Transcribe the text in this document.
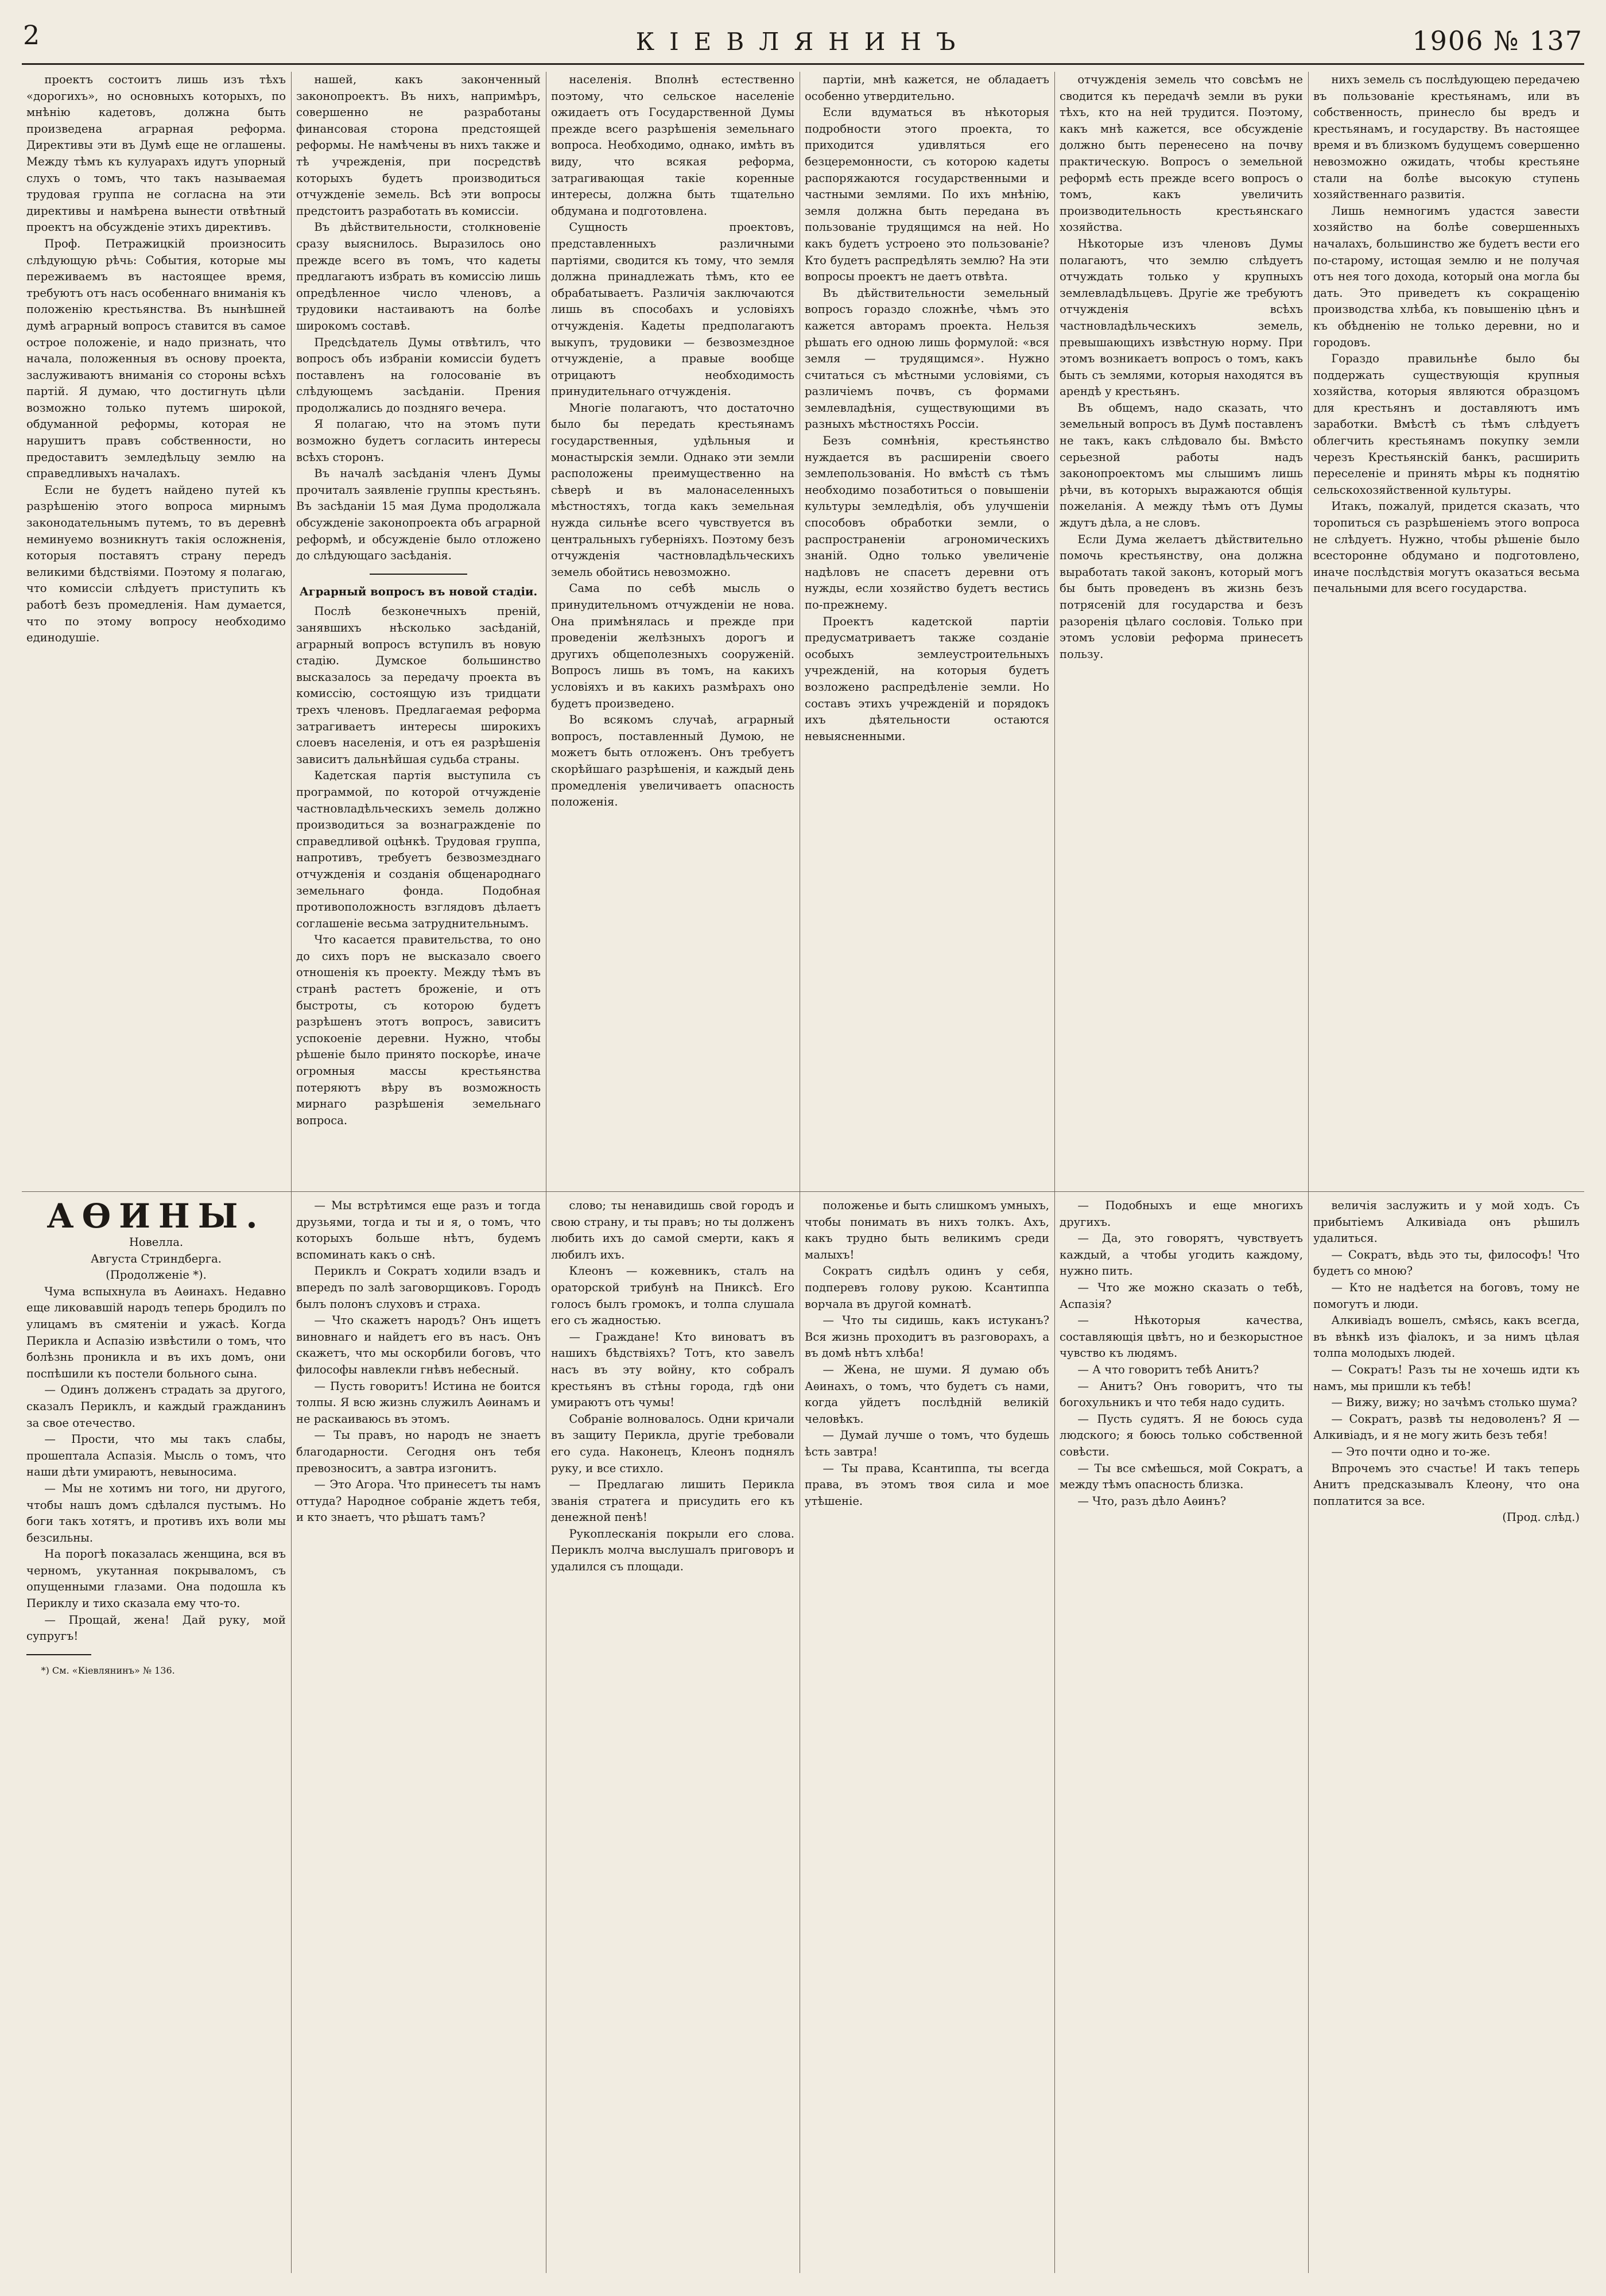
2	КІЕВЛЯНИНЪ	1906 № 137

проектъ состоитъ лишь изъ тѣхъ «дорогихъ», но основныхъ которыхъ, по мнѣнію кадетовъ, должна быть произведена аграрная реформа. Директивы эти въ Думѣ еще не оглашены. Между тѣмъ къ кулуарахъ идутъ упорный слухъ о томъ, что такъ называемая трудовая группа не согласна на эти директивы и намѣрена вынести отвѣтный проектъ на обсужденіе этихъ директивъ.

Проф. Петражицкій произносить слѣдующую рѣчь: События, которые мы переживаемъ въ настоящее время, требуютъ отъ насъ особеннаго вниманія къ положенію крестьянства. Въ нынѣшней думѣ аграрный вопросъ ставится въ самое острое положеніе, и надо признать, что начала, положенныя въ основу проекта, заслуживаютъ вниманія со стороны всѣхъ партій. Я думаю, что достигнуть цѣли возможно только путемъ широкой, обдуманной реформы, которая не нарушитъ правъ собственности, но предоставитъ земледѣльцу землю на справедливыхъ началахъ.

Если не будетъ найдено путей къ разрѣшенію этого вопроса мирнымъ законодательнымъ путемъ, то въ деревнѣ неминуемо возникнутъ такія осложненія, которыя поставятъ страну передъ великими бѣдствіями. Поэтому я полагаю, что комиссіи слѣдуетъ приступить къ работѣ безъ промедленія. Нам думается, что по этому вопросу необходимо единодушіе.

нашей, какъ законченный законопроектъ. Въ нихъ, напримѣръ, совершенно не разработаны финансовая сторона предстоящей реформы. Не намѣчены въ нихъ также и тѣ учрежденія, при посредствѣ которыхъ будетъ производиться отчужденіе земель. Всѣ эти вопросы предстоитъ разработать въ комиссіи.

Въ дѣйствительности, столкновеніе сразу выяснилось. Выразилось оно прежде всего въ томъ, что кадеты предлагаютъ избрать въ комиссію лишь опредѣленное число членовъ, а трудовики настаиваютъ на болѣе широкомъ составѣ.

Предсѣдатель Думы отвѣтилъ, что вопросъ объ избраніи комиссіи будетъ поставленъ на голосованіе въ слѣдующемъ засѣданіи. Прения продолжались до поздняго вечера.

Я полагаю, что на этомъ пути возможно будетъ согласить интересы всѣхъ сторонъ.

Въ началѣ засѣданія членъ Думы прочиталъ заявленіе группы крестьянъ. Въ засѣданіи 15 мая Дума продолжала обсужденіе законопроекта объ аграрной реформѣ, и обсужденіе было отложено до слѣдующаго засѣданія.

Аграрный вопросъ въ новой стадіи.

Послѣ безконечныхъ преній, занявшихъ нѣсколько засѣданій, аграрный вопросъ вступилъ въ новую стадію. Думское большинство высказалось за передачу проекта въ комиссію, состоящую изъ тридцати трехъ членовъ. Предлагаемая реформа затрагиваетъ интересы широкихъ слоевъ населенія, и отъ ея разрѣшенія зависитъ дальнѣйшая судьба страны.

Кадетская партія выступила съ программой, по которой отчужденіе частновладѣльческихъ земель должно производиться за вознагражденіе по справедливой оцѣнкѣ. Трудовая группа, напротивъ, требуетъ безвозмезднаго отчужденія и созданія общенароднаго земельнаго фонда. Подобная противоположность взглядовъ дѣлаетъ соглашеніе весьма затруднительнымъ.

Что касается правительства, то оно до сихъ поръ не высказало своего отношенія къ проекту. Между тѣмъ въ странѣ растетъ броженіе, и отъ быстроты, съ которою будетъ разрѣшенъ этотъ вопросъ, зависитъ успокоеніе деревни. Нужно, чтобы рѣшеніе было принято поскорѣе, иначе огромныя массы крестьянства потеряютъ вѣру въ возможность мирнаго разрѣшенія земельнаго вопроса.

населенія. Вполнѣ естественно поэтому, что сельское населеніе ожидаетъ отъ Государственной Думы прежде всего разрѣшенія земельнаго вопроса. Необходимо, однако, имѣть въ виду, что всякая реформа, затрагивающая такіе коренные интересы, должна быть тщательно обдумана и подготовлена.

Сущность проектовъ, представленныхъ различными партіями, сводится къ тому, что земля должна принадлежать тѣмъ, кто ее обрабатываетъ. Различія заключаются лишь въ способахъ и условіяхъ отчужденія. Кадеты предполагаютъ выкупъ, трудовики — безвозмездное отчужденіе, а правые вообще отрицаютъ необходимость принудительнаго отчужденія.

Многіе полагаютъ, что достаточно было бы передать крестьянамъ государственныя, удѣльныя и монастырскія земли. Однако эти земли расположены преимущественно на сѣверѣ и въ малонаселенныхъ мѣстностяхъ, тогда какъ земельная нужда сильнѣе всего чувствуется въ центральныхъ губерніяхъ. Поэтому безъ отчужденія частновладѣльческихъ земель обойтись невозможно.

Сама по себѣ мысль о принудительномъ отчужденіи не нова. Она примѣнялась и прежде при проведеніи желѣзныхъ дорогъ и другихъ общеполезныхъ сооруженій. Вопросъ лишь въ томъ, на какихъ условіяхъ и въ какихъ размѣрахъ оно будетъ произведено.

Во всякомъ случаѣ, аграрный вопросъ, поставленный Думою, не можетъ быть отложенъ. Онъ требуетъ скорѣйшаго разрѣшенія, и каждый день промедленія увеличиваетъ опасность положенія.

партіи, мнѣ кажется, не обладаетъ особенно утвердительно.

Если вдуматься въ нѣкоторыя подробности этого проекта, то приходится удивляться его безцеремонности, съ которою кадеты распоряжаются государственными и частными землями. По ихъ мнѣнію, земля должна быть передана въ пользованіе трудящимся на ней. Но какъ будетъ устроено это пользованіе? Кто будетъ распредѣлять землю? На эти вопросы проектъ не даетъ отвѣта.

Въ дѣйствительности земельный вопросъ гораздо сложнѣе, чѣмъ это кажется авторамъ проекта. Нельзя рѣшать его одною лишь формулой: «вся земля — трудящимся». Нужно считаться съ мѣстными условіями, съ различіемъ почвъ, съ формами землевладѣнія, существующими въ разныхъ мѣстностяхъ Россіи.

Безъ сомнѣнія, крестьянство нуждается въ расширеніи своего землепользованія. Но вмѣстѣ съ тѣмъ необходимо позаботиться о повышеніи культуры земледѣлія, объ улучшеніи способовъ обработки земли, о распространеніи агрономическихъ знаній. Одно только увеличеніе надѣловъ не спасетъ деревни отъ нужды, если хозяйство будетъ вестись по-прежнему.

Проектъ кадетской партіи предусматриваетъ также созданіе особыхъ землеустроительныхъ учрежденій, на которыя будетъ возложено распредѣленіе земли. Но составъ этихъ учрежденій и порядокъ ихъ дѣятельности остаются невыясненными.

отчужденія земель что совсѣмъ не сводится къ передачѣ земли въ руки тѣхъ, кто на ней трудится. Поэтому, какъ мнѣ кажется, все обсужденіе должно быть перенесено на почву практическую. Вопросъ о земельной реформѣ есть прежде всего вопросъ о томъ, какъ увеличить производительность крестьянскаго хозяйства.

Нѣкоторые изъ членовъ Думы полагаютъ, что землю слѣдуетъ отчуждать только у крупныхъ землевладѣльцевъ. Другіе же требуютъ отчужденія всѣхъ частновладѣльческихъ земель, превышающихъ извѣстную норму. При этомъ возникаетъ вопросъ о томъ, какъ быть съ землями, которыя находятся въ арендѣ у крестьянъ.

Въ общемъ, надо сказать, что земельный вопросъ въ Думѣ поставленъ не такъ, какъ слѣдовало бы. Вмѣсто серьезной работы надъ законопроектомъ мы слышимъ лишь рѣчи, въ которыхъ выражаются общія пожеланія. А между тѣмъ отъ Думы ждутъ дѣла, а не словъ.

Если Дума желаетъ дѣйствительно помочь крестьянству, она должна выработать такой законъ, который могъ бы быть проведенъ въ жизнь безъ потрясеній для государства и безъ разоренія цѣлаго сословія. Только при этомъ условіи реформа принесетъ пользу.

нихъ земель съ послѣдующею передачею въ пользованіе крестьянамъ, или въ собственность, принесло бы вредъ и крестьянамъ, и государству. Въ настоящее время и въ близкомъ будущемъ совершенно невозможно ожидать, чтобы крестьяне стали на болѣе высокую ступень хозяйственнаго развитія.

Лишь немногимъ удастся завести хозяйство на болѣе совершенныхъ началахъ, большинство же будетъ вести его по-старому, истощая землю и не получая отъ нея того дохода, который она могла бы дать. Это приведетъ къ сокращенію производства хлѣба, къ повышенію цѣнъ и къ обѣдненію не только деревни, но и городовъ.

Гораздо правильнѣе было бы поддержать существующія крупныя хозяйства, которыя являются образцомъ для крестьянъ и доставляютъ имъ заработки. Вмѣстѣ съ тѣмъ слѣдуетъ облегчить крестьянамъ покупку земли черезъ Крестьянскій банкъ, расширить переселеніе и принять мѣры къ поднятію сельскохозяйственной культуры.

Итакъ, пожалуй, придется сказать, что торопиться съ разрѣшеніемъ этого вопроса не слѣдуетъ. Нужно, чтобы рѣшеніе было всесторонне обдумано и подготовлено, иначе послѣдствія могутъ оказаться весьма печальными для всего государства.

АѲИНЫ.

Новелла.

Августа Стриндберга.

(Продолженіе *).

Чума вспыхнула въ Аѳинахъ. Недавно еще ликовавшій народъ теперь бродилъ по улицамъ въ смятеніи и ужасѣ. Когда Перикла и Аспазію извѣстили о томъ, что болѣзнь проникла и въ ихъ домъ, они поспѣшили къ постели больного сына.

— Одинъ долженъ страдать за другого, сказалъ Периклъ, и каждый гражданинъ за свое отечество.

— Прости, что мы такъ слабы, прошептала Аспазія. Мысль о томъ, что наши дѣти умираютъ, невыносима.

— Мы не хотимъ ни того, ни другого, чтобы нашъ домъ сдѣлался пустымъ. Но боги такъ хотятъ, и противъ ихъ воли мы безсильны.

На порогѣ показалась женщина, вся въ черномъ, укутанная покрываломъ, съ опущенными глазами. Она подошла къ Периклу и тихо сказала ему что-то.

— Прощай, жена! Дай руку, мой супругъ!

*) См. «Кіевлянинъ» № 136.

— Мы встрѣтимся еще разъ и тогда друзьями, тогда и ты и я, о томъ, что которыхъ больше нѣтъ, будемъ вспоминать какъ о снѣ.

Периклъ и Сократъ ходили взадъ и впередъ по залѣ заговорщиковъ. Городъ былъ полонъ слуховъ и страха.

— Что скажетъ народъ? Онъ ищетъ виновнаго и найдетъ его въ насъ. Онъ скажетъ, что мы оскорбили боговъ, что философы навлекли гнѣвъ небесный.

— Пусть говоритъ! Истина не боится толпы. Я всю жизнь служилъ Аѳинамъ и не раскаиваюсь въ этомъ.

— Ты правъ, но народъ не знаетъ благодарности. Сегодня онъ тебя превозноситъ, а завтра изгонитъ.

— Это Агора. Что принесетъ ты намъ оттуда? Народное собраніе ждетъ тебя, и кто знаетъ, что рѣшатъ тамъ?

слово; ты ненавидишь свой городъ и свою страну, и ты правъ; но ты долженъ любить ихъ до самой смерти, какъ я любилъ ихъ.

Клеонъ — кожевникъ, сталъ на ораторской трибунѣ на Пниксѣ. Его голосъ былъ громокъ, и толпа слушала его съ жадностью.

— Граждане! Кто виноватъ въ нашихъ бѣдствіяхъ? Тотъ, кто завелъ насъ въ эту войну, кто собралъ крестьянъ въ стѣны города, гдѣ они умираютъ отъ чумы!

Собраніе волновалось. Одни кричали въ защиту Перикла, другіе требовали его суда. Наконецъ, Клеонъ поднялъ руку, и все стихло.

— Предлагаю лишить Перикла званія стратега и присудить его къ денежной пенѣ!

Рукоплесканія покрыли его слова. Периклъ молча выслушалъ приговоръ и удалился съ площади.

положенье и быть слишкомъ умныхъ, чтобы понимать въ нихъ толкъ. Ахъ, какъ трудно быть великимъ среди малыхъ!

Сократъ сидѣлъ одинъ у себя, подперевъ голову рукою. Ксантиппа ворчала въ другой комнатѣ.

— Что ты сидишь, какъ истуканъ? Вся жизнь проходитъ въ разговорахъ, а въ домѣ нѣтъ хлѣба!

— Жена, не шуми. Я думаю объ Аѳинахъ, о томъ, что будетъ съ нами, когда уйдетъ послѣдній великій человѣкъ.

— Думай лучше о томъ, что будешь ѣсть завтра!

— Ты права, Ксантиппа, ты всегда права, въ этомъ твоя сила и мое утѣшеніе.

— Подобныхъ и еще многихъ другихъ.

— Да, это говорятъ, чувствуетъ каждый, а чтобы угодить каждому, нужно пить.

— Что же можно сказать о тебѣ, Аспазія?

— Нѣкоторыя качества, составляющія цвѣтъ, но и безкорыстное чувство къ людямъ.

— А что говоритъ тебѣ Анитъ?

— Анитъ? Онъ говоритъ, что ты богохульникъ и что тебя надо судить.

— Пусть судятъ. Я не боюсь суда людского; я боюсь только собственной совѣсти.

— Ты все смѣешься, мой Сократъ, а между тѣмъ опасность близка.

— Что, разъ дѣло Аѳинъ?

величія заслужить и у мой ходъ. Съ прибытіемъ Алкивіада онъ рѣшилъ удалиться.

— Сократъ, вѣдь это ты, философъ! Что будетъ со мною?

— Кто не надѣется на боговъ, тому не помогутъ и люди.

Алкивіадъ вошелъ, смѣясь, какъ всегда, въ вѣнкѣ изъ фіалокъ, и за нимъ цѣлая толпа молодыхъ людей.

— Сократъ! Разъ ты не хочешь идти къ намъ, мы пришли къ тебѣ!

— Вижу, вижу; но зачѣмъ столько шума?

— Сократъ, развѣ ты недоволенъ? Я — Алкивіадъ, и я не могу жить безъ тебя!

— Это почти одно и то-же.

Впрочемъ это счастье! И такъ теперь Анитъ предсказывалъ Клеону, что она поплатится за все.

(Прод. слѣд.)
